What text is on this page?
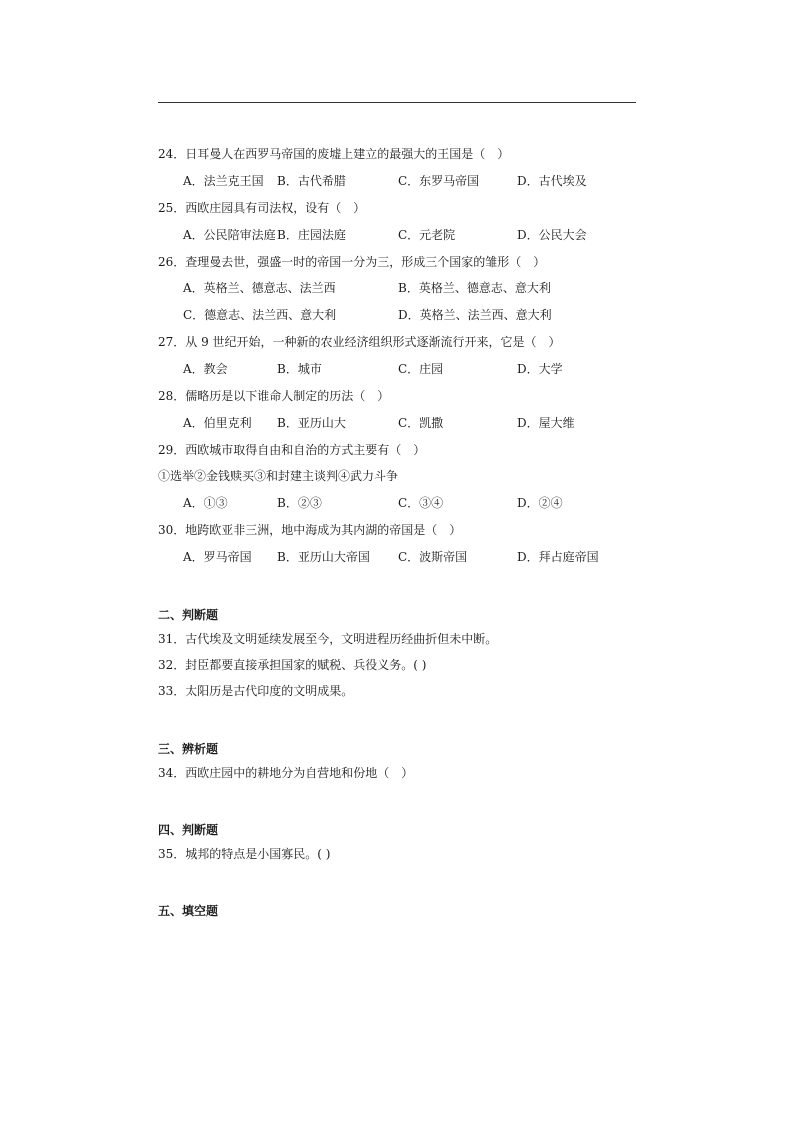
24．日耳曼人在西罗马帝国的废墟上建立的最强大的王国是（　）
A．法兰克王国 B．古代希腊	C．东罗马帝国	D．古代埃及
25．西欧庄园具有司法权，设有（　）
A．公民陪审法庭 B．庄园法庭	C．元老院	D．公民大会
26．查理曼去世，强盛一时的帝国一分为三，形成三个国家的雏形（　）
A．英格兰、德意志、法兰西	B．英格兰、德意志、意大利
C．德意志、法兰西、意大利	D．英格兰、法兰西、意大利
27．从 9 世纪开始，一种新的农业经济组织形式逐渐流行开来，它是（　）
A．教会	B．城市	C．庄园	D．大学
28．儒略历是以下谁命人制定的历法（　）
A．伯里克利 B．亚历山大	C．凯撒	D．屋大维
29．西欧城市取得自由和自治的方式主要有（　）
①选举②金钱赎买③和封建主谈判④武力斗争
A．①③	B．②③	C．③④	D．②④
30．地跨欧亚非三洲，地中海成为其内湖的帝国是（　）
A．罗马帝国 B．亚历山大帝国 C．波斯帝国	D．拜占庭帝国
二、判断题
31．古代埃及文明延续发展至今，文明进程历经曲折但未中断。
32．封臣都要直接承担国家的赋税、兵役义务。( )
33．太阳历是古代印度的文明成果。
三、辨析题
34．西欧庄园中的耕地分为自营地和份地（　）
四、判断题
35．城邦的特点是小国寡民。( )
五、填空题
